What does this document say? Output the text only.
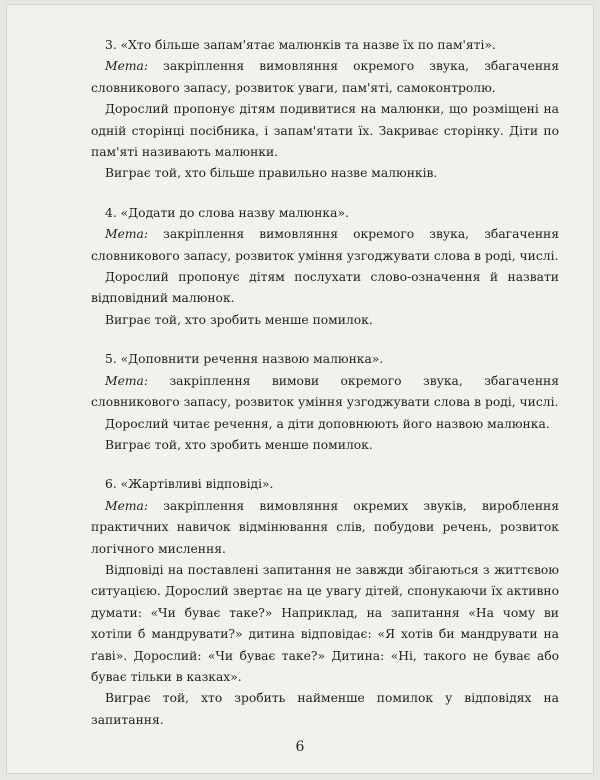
3. «Хто більше запам'ятає малюнків та назве їх по пам'яті».

Мета: закріплення вимовляння окремого звука, збагачення словникового запасу, розвиток уваги, пам'яті, самоконтролю.

Дорослий пропонує дітям подивитися на малюнки, що розміщені на одній сторінці посібника, і запам'ятати їх. Закриває сторінку. Діти по пам'яті називають малюнки.

Виграє той, хто більше правильно назве малюнків.

4. «Додати до слова назву малюнка».

Мета: закріплення вимовляння окремого звука, збагачення словникового запасу, розвиток уміння узгоджувати слова в роді, числі.

Дорослий пропонує дітям послухати слово-означення й назвати відповідний малюнок.

Виграє той, хто зробить менше помилок.

5. «Доповнити речення назвою малюнка».

Мета: закріплення вимови окремого звука, збагачення словникового запасу, розвиток уміння узгоджувати слова в роді, числі.

Дорослий читає речення, а діти доповнюють його назвою малюнка.

Виграє той, хто зробить менше помилок.

6. «Жартівливі відповіді».

Мета: закріплення вимовляння окремих звуків, вироблення практичних навичок відмінювання слів, побудови речень, розвиток логічного мислення.

Відповіді на поставлені запитання не завжди збігаються з життєвою ситуацією. Дорослий звертає на це увагу дітей, спонукаючи їх активно думати: «Чи буває таке?» Наприклад, на запитання «На чому ви хотіли б мандрувати?» дитина відповідає: «Я хотів би мандрувати на ґаві». Дорослий: «Чи буває таке?» Дитина: «Ні, такого не буває або буває тільки в казках».

Виграє той, хто зробить найменше помилок у відповідях на запитання.

6
